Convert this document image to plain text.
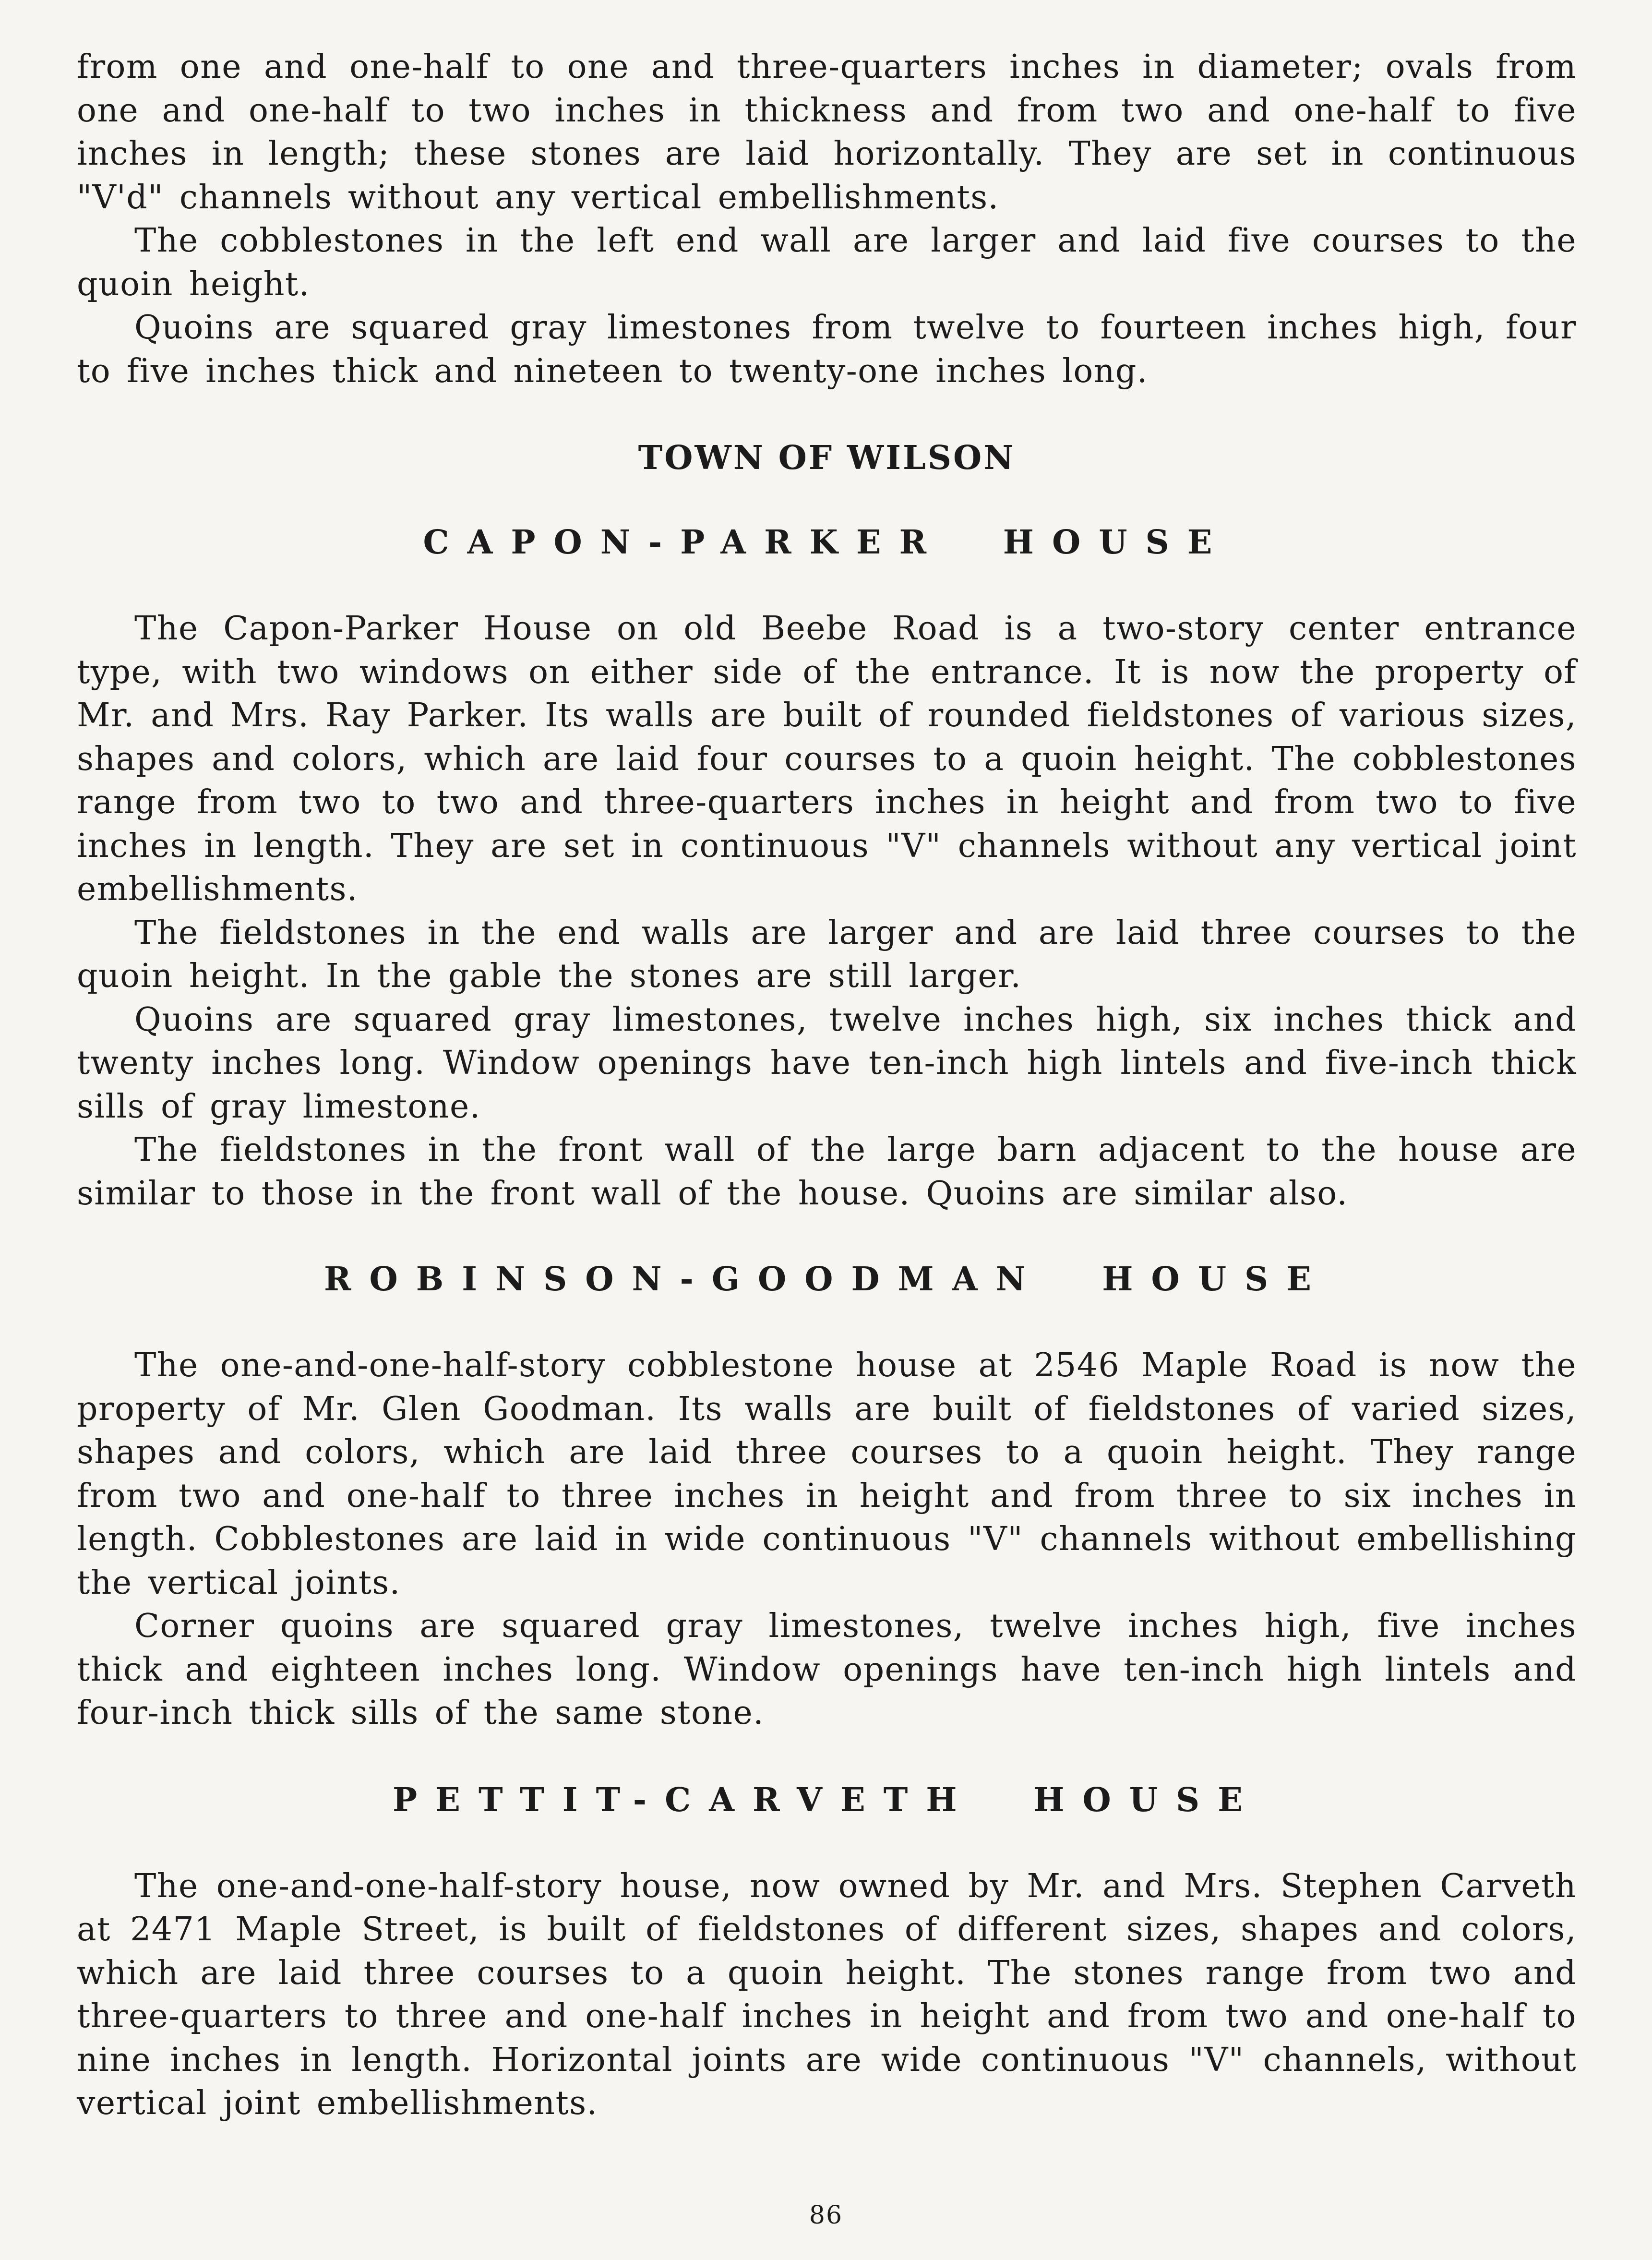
from one and one-half to one and three-quarters inches in diameter; ovals from one and one-half to two inches in thickness and from two and one-half to five inches in length; these stones are laid horizontally. They are set in continuous "V'd" channels without any vertical embellishments.

The cobblestones in the left end wall are larger and laid five courses to the quoin height.

Quoins are squared gray limestones from twelve to fourteen inches high, four to five inches thick and nineteen to twenty-one inches long.

TOWN OF WILSON
CAPON-PARKER HOUSE

The Capon-Parker House on old Beebe Road is a two-story center entrance type, with two windows on either side of the entrance. It is now the property of Mr. and Mrs. Ray Parker. Its walls are built of rounded fieldstones of various sizes, shapes and colors, which are laid four courses to a quoin height. The cobblestones range from two to two and three-quarters inches in height and from two to five inches in length. They are set in continuous "V" channels without any vertical joint embellishments.

The fieldstones in the end walls are larger and are laid three courses to the quoin height. In the gable the stones are still larger.

Quoins are squared gray limestones, twelve inches high, six inches thick and twenty inches long. Window openings have ten-inch high lintels and five-inch thick sills of gray limestone.

The fieldstones in the front wall of the large barn adjacent to the house are similar to those in the front wall of the house. Quoins are similar also.

ROBINSON-GOODMAN HOUSE

The one-and-one-half-story cobblestone house at 2546 Maple Road is now the property of Mr. Glen Goodman. Its walls are built of fieldstones of varied sizes, shapes and colors, which are laid three courses to a quoin height. They range from two and one-half to three inches in height and from three to six inches in length. Cobblestones are laid in wide continuous "V" channels without embellishing the vertical joints.

Corner quoins are squared gray limestones, twelve inches high, five inches thick and eighteen inches long. Window openings have ten-inch high lintels and four-inch thick sills of the same stone.

PETTIT-CARVETH HOUSE

The one-and-one-half-story house, now owned by Mr. and Mrs. Stephen Carveth at 2471 Maple Street, is built of fieldstones of different sizes, shapes and colors, which are laid three courses to a quoin height. The stones range from two and three-quarters to three and one-half inches in height and from two and one-half to nine inches in length. Horizontal joints are wide continuous "V" channels, without vertical joint embellishments.

86
